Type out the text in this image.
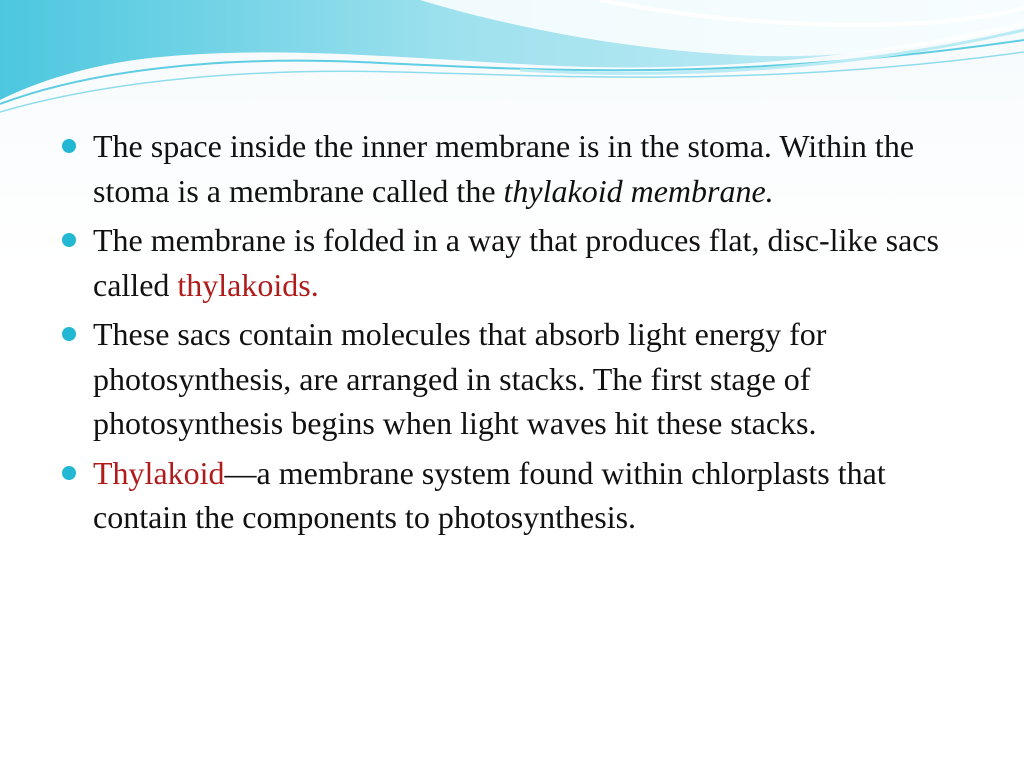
The space inside the inner membrane is in the stoma. Within the stoma is a membrane called the thylakoid membrane.
The membrane is folded in a way that produces flat, disc-like sacs called thylakoids.
These sacs contain molecules that absorb light energy for photosynthesis, are arranged in stacks. The first stage of photosynthesis begins when light waves hit these stacks.
Thylakoid—a membrane system found within chlorplasts that contain the components to photosynthesis.
